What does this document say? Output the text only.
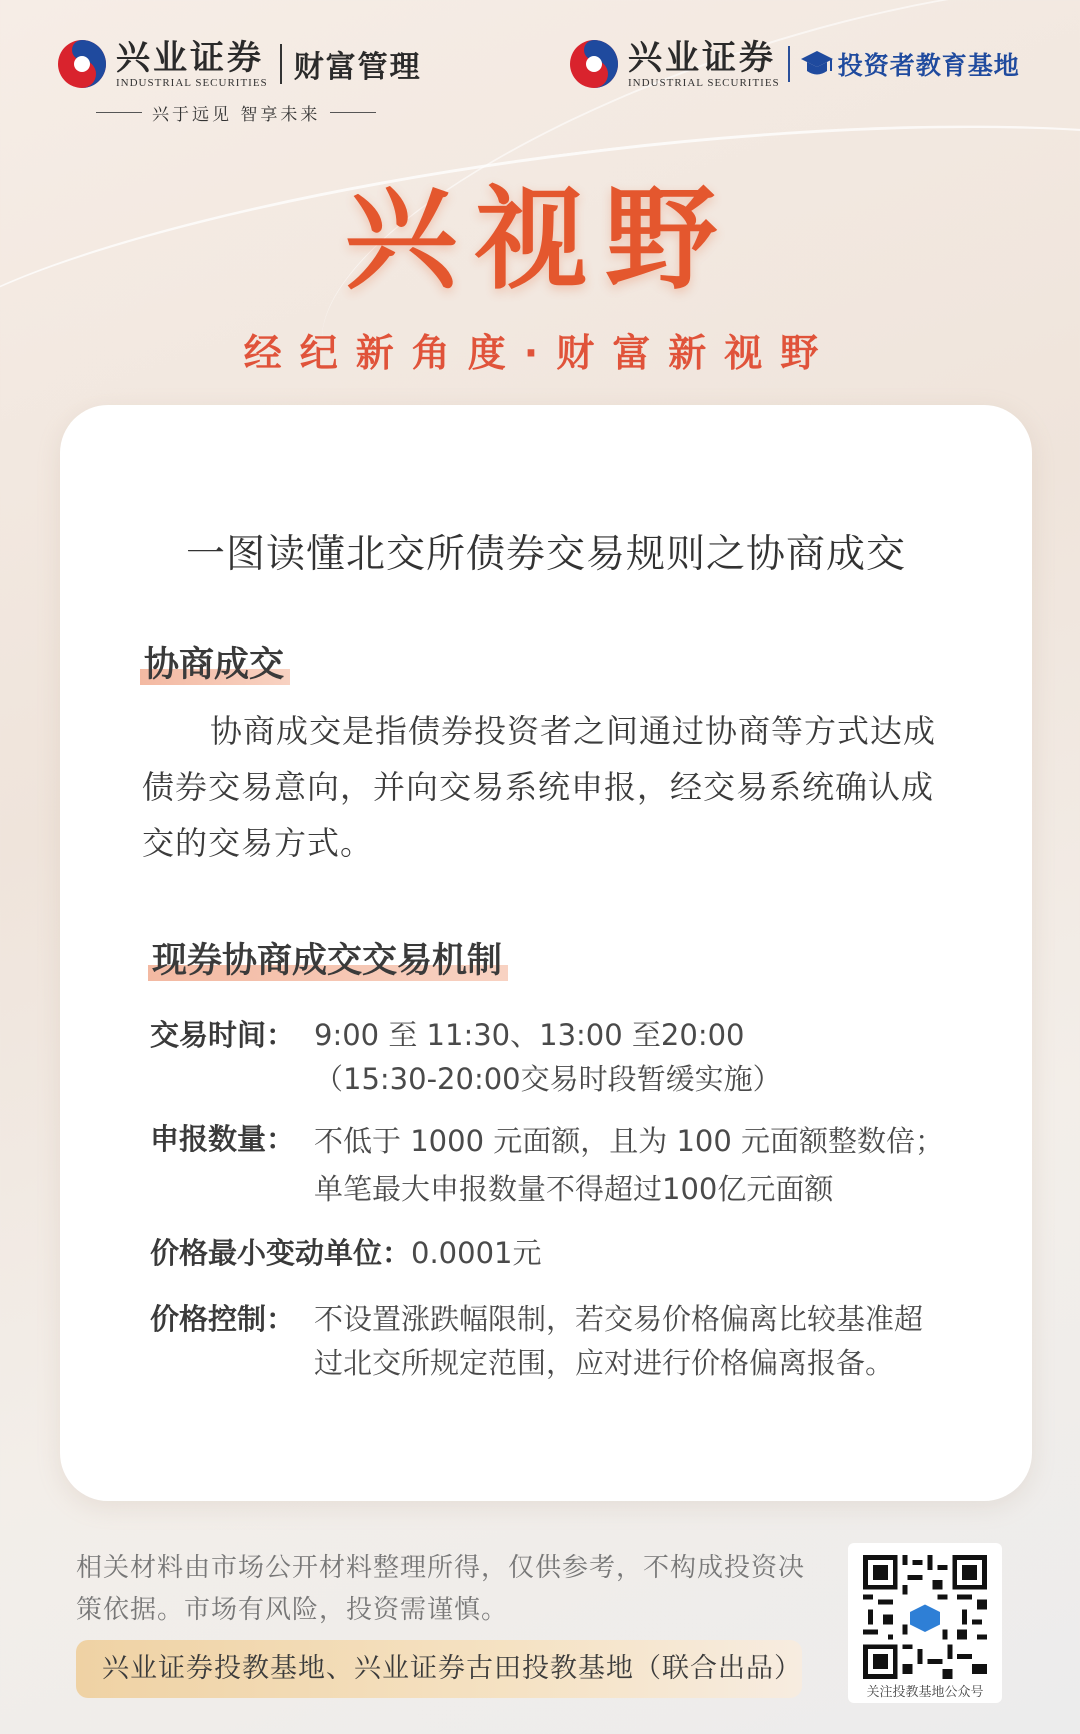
兴业证券
INDUSTRIAL SECURITIES 财富管理
兴于远见 智享未来
兴业证券
INDUSTRIAL SECURITIES
投资者教育基地
兴视野
经纪新角度·财富新视野
一图读懂北交所债券交易规则之协商成交
协商成交
协商成交是指债券投资者之间通过协商等方式达成债券交易意向，并向交易系统申报，经交易系统确认成交的交易方式。
现券协商成交交易机制
交易时间： 9:00 至 11:30、13:00 至20:00
（15:30-20:00交易时段暂缓实施）
申报数量： 不低于 1000 元面额，且为 100 元面额整数倍；
单笔最大申报数量不得超过100亿元面额
价格最小变动单位：0.0001元
价格控制： 不设置涨跌幅限制，若交易价格偏离比较基准超
过北交所规定范围，应对进行价格偏离报备。
相关材料由市场公开材料整理所得，仅供参考，不构成投资决
策依据。市场有风险，投资需谨慎。
兴业证券投教基地、兴业证券古田投教基地（联合出品）
关注投教基地公众号
